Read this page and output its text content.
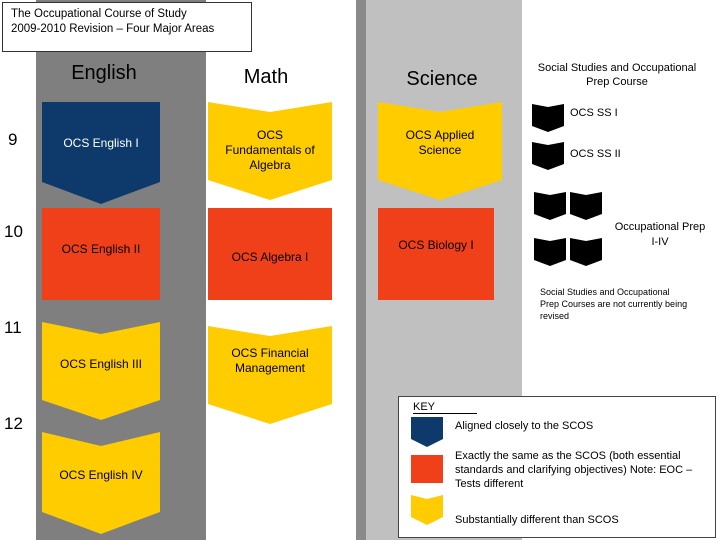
The Occupational Course of Study
2009-2010 Revision – Four Major Areas
English	Math	Science	Social Studies and Occupational Prep Course
9
10
11
12
OCS English I
OCS English II
OCS English III
OCS English IV
OCS Fundamentals of Algebra
OCS Algebra I
OCS Financial Management
OCS Applied Science
OCS Biology I
OCS SS I
OCS SS II
Occupational Prep I-IV
Social Studies and Occupational Prep Courses are not currently being revised
KEY
Aligned closely to the SCOS
Exactly the same as the SCOS (both essential standards and clarifying objectives) Note: EOC –Tests different
Substantially different than SCOS
